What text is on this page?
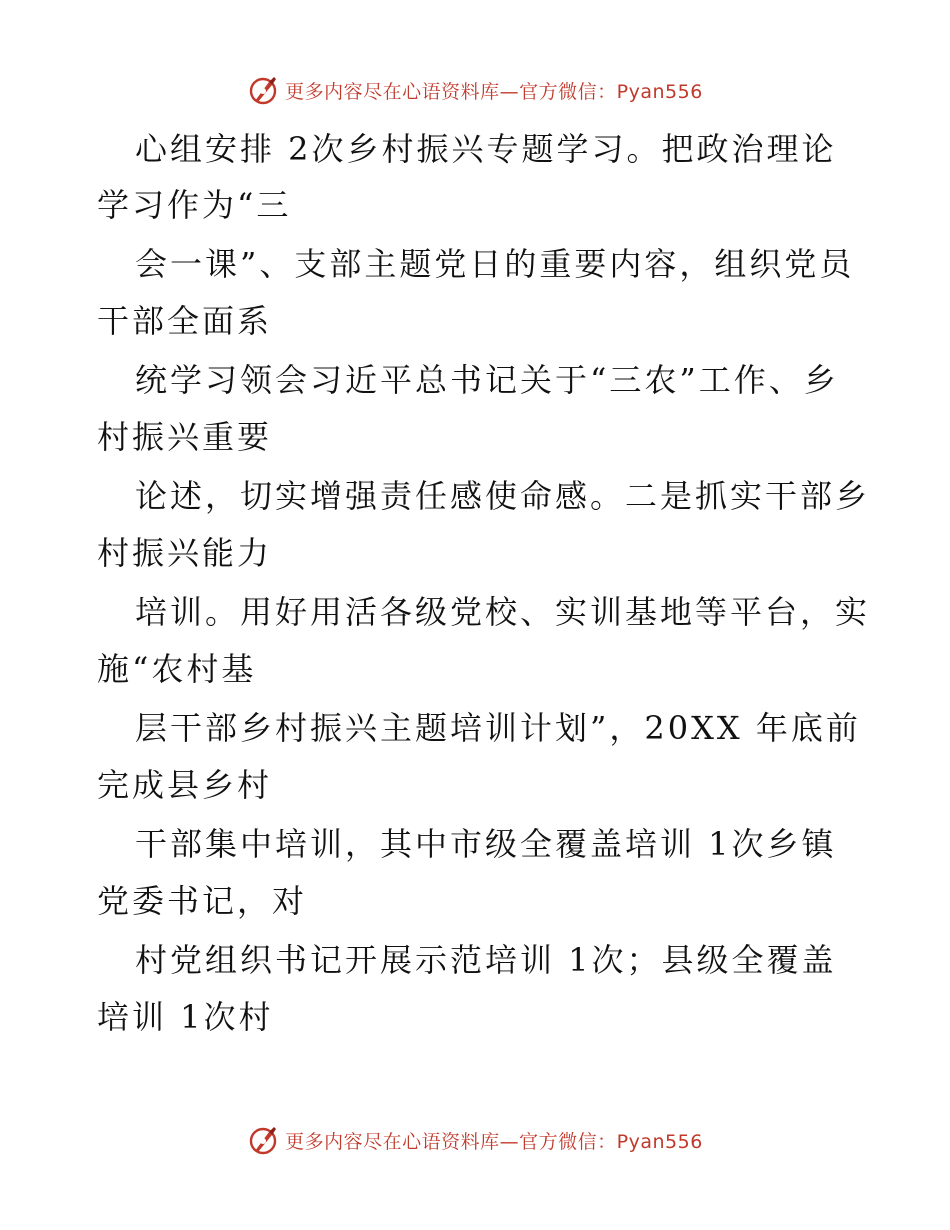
更多内容尽在心语资料库—官方微信：Pyan556
心组安排 2次乡村振兴专题学习。把政治理论
学习作为“三
会一课”、支部主题党日的重要内容，组织党员
干部全面系
统学习领会习近平总书记关于“三农”工作、乡
村振兴重要
论述，切实增强责任感使命感。二是抓实干部乡
村振兴能力
培训。用好用活各级党校、实训基地等平台，实
施“农村基
层干部乡村振兴主题培训计划”，20XX 年底前
完成县乡村
干部集中培训，其中市级全覆盖培训 1次乡镇
党委书记，对
村党组织书记开展示范培训 1次；县级全覆盖
培训 1次村
更多内容尽在心语资料库—官方微信：Pyan556
